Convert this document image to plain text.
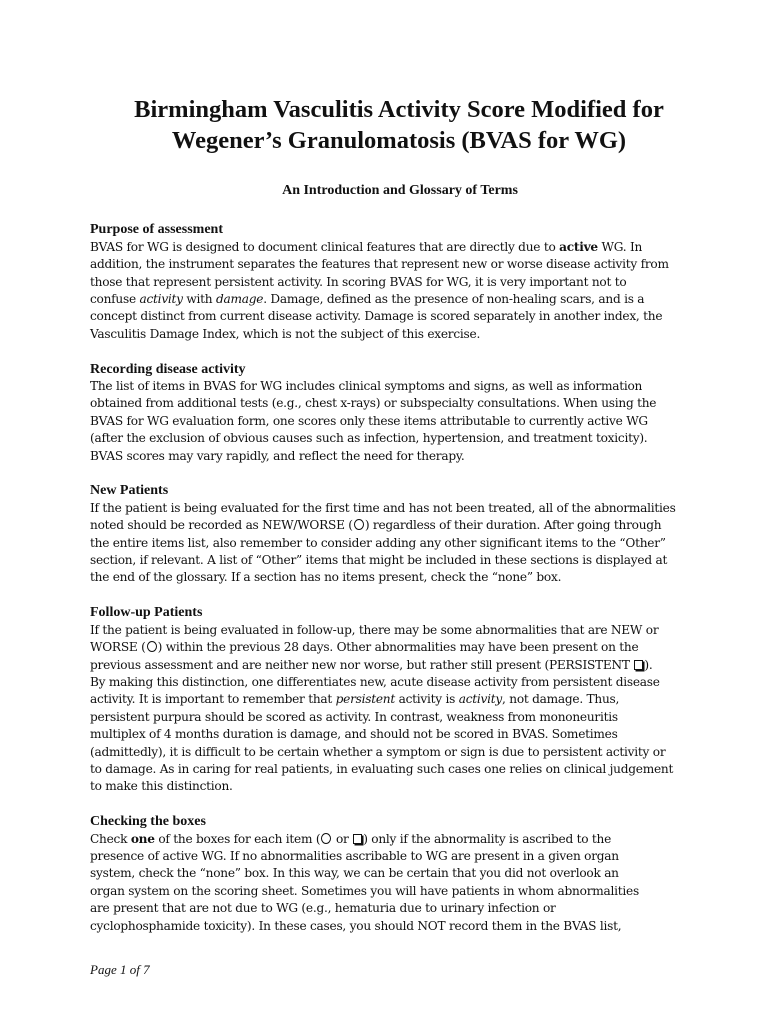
Birmingham Vasculitis Activity Score Modified for
Wegener’s Granulomatosis (BVAS for WG)
An Introduction and Glossary of Terms
Purpose of assessment
BVAS for WG is designed to document clinical features that are directly due to active WG. In
addition, the instrument separates the features that represent new or worse disease activity from
those that represent persistent activity. In scoring BVAS for WG, it is very important not to
confuse activity with damage. Damage, defined as the presence of non-healing scars, and is a
concept distinct from current disease activity. Damage is scored separately in another index, the
Vasculitis Damage Index, which is not the subject of this exercise.
Recording disease activity
The list of items in BVAS for WG includes clinical symptoms and signs, as well as information
obtained from additional tests (e.g., chest x-rays) or subspecialty consultations. When using the
BVAS for WG evaluation form, one scores only these items attributable to currently active WG
(after the exclusion of obvious causes such as infection, hypertension, and treatment toxicity).
BVAS scores may vary rapidly, and reflect the need for therapy.
New Patients
If the patient is being evaluated for the first time and has not been treated, all of the abnormalities
noted should be recorded as NEW/WORSE ( ) regardless of their duration. After going through
the entire items list, also remember to consider adding any other significant items to the “Other”
section, if relevant. A list of “Other” items that might be included in these sections is displayed at
the end of the glossary. If a section has no items present, check the “none” box.
Follow-up Patients
If the patient is being evaluated in follow-up, there may be some abnormalities that are NEW or
WORSE ( ) within the previous 28 days. Other abnormalities may have been present on the
previous assessment and are neither new nor worse, but rather still present (PERSISTENT ).
By making this distinction, one differentiates new, acute disease activity from persistent disease
activity. It is important to remember that persistent activity is activity, not damage. Thus,
persistent purpura should be scored as activity. In contrast, weakness from mononeuritis
multiplex of 4 months duration is damage, and should not be scored in BVAS. Sometimes
(admittedly), it is difficult to be certain whether a symptom or sign is due to persistent activity or
to damage. As in caring for real patients, in evaluating such cases one relies on clinical judgement
to make this distinction.
Checking the boxes
Check one of the boxes for each item ( or ) only if the abnormality is ascribed to the
presence of active WG. If no abnormalities ascribable to WG are present in a given organ
system, check the “none” box. In this way, we can be certain that you did not overlook an
organ system on the scoring sheet. Sometimes you will have patients in whom abnormalities
are present that are not due to WG (e.g., hematuria due to urinary infection or
cyclophosphamide toxicity). In these cases, you should NOT record them in the BVAS list,
Page 1 of 7
